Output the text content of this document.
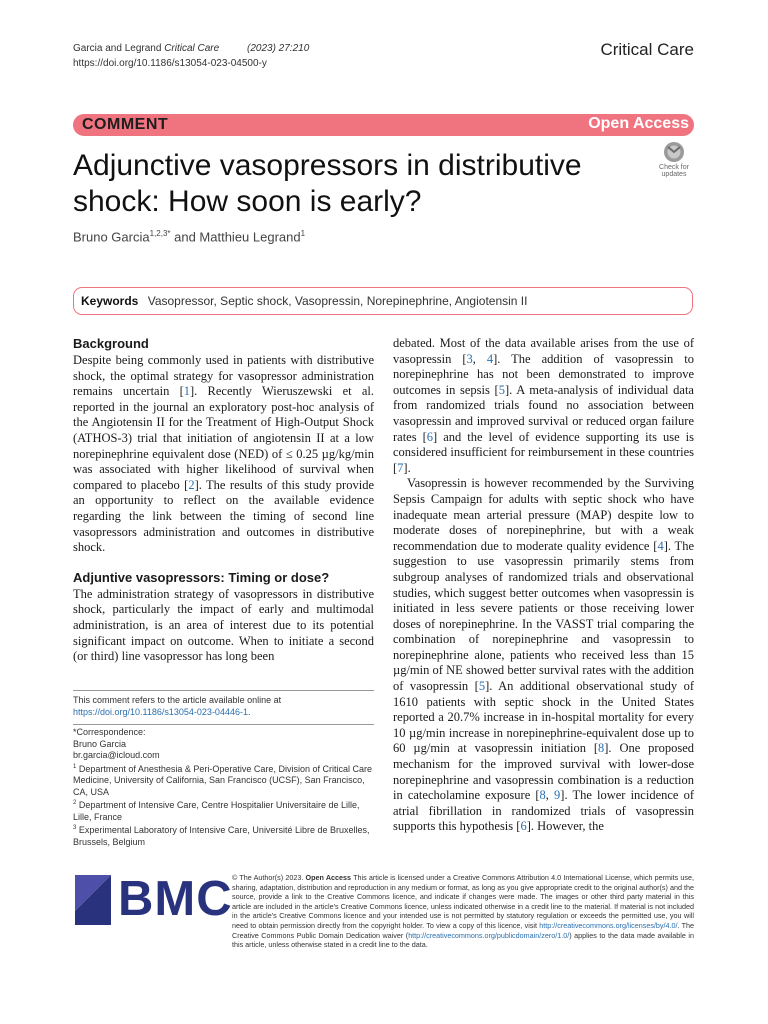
Garcia and Legrand Critical Care	(2023) 27:210
https://doi.org/10.1186/s13054-023-04500-y
Critical Care
COMMENT	Open Access
Adjunctive vasopressors in distributive shock: How soon is early?
Check for
updates
Bruno Garcia$^{1,2,3*}$ and Matthieu Legrand$^1$
Keywords Vasopressor, Septic shock, Vasopressin, Norepinephrine, Angiotensin II
Background

Despite being commonly used in patients with distributive shock, the optimal strategy for vasopressor administration remains uncertain [1]. Recently Wieruszewski et al. reported in the journal an exploratory post-hoc analysis of the Angiotensin II for the Treatment of High-Output Shock (ATHOS-3) trial that initiation of angiotensin II at a low norepinephrine equivalent dose (NED) of ≤ 0.25 µg/kg/min was associated with higher likelihood of survival when compared to placebo [2]. The results of this study provide an opportunity to reflect on the available evidence regarding the link between the timing of second line vasopressors administration and outcomes in distributive shock.

Adjuntive vasopressors: Timing or dose?

The administration strategy of vasopressors in distributive shock, particularly the impact of early and multimodal administration, is an area of interest due to its potential significant impact on outcome. When to initiate a second (or third) line vasopressor has long been

debated. Most of the data available arises from the use of vasopressin [3, 4]. The addition of vasopressin to norepinephrine has not been demonstrated to improve outcomes in sepsis [5]. A meta-analysis of individual data from randomized trials found no association between vasopressin and improved survival or reduced organ failure rates [6] and the level of evidence supporting its use is considered insufficient for reimbursement in these countries [7].

Vasopressin is however recommended by the Surviving Sepsis Campaign for adults with septic shock who have inadequate mean arterial pressure (MAP) despite low to moderate doses of norepinephrine, but with a weak recommendation due to moderate quality evidence [4]. The suggestion to use vasopressin primarily stems from subgroup analyses of randomized trials and observational studies, which suggest better outcomes when vasopressin is initiated in less severe patients or those receiving lower doses of norepinephrine. In the VASST trial comparing the combination of norepinephrine and vasopressin to norepinephrine alone, patients who received less than 15 µg/min of NE showed better survival rates with the addition of vasopressin [5]. An additional observational study of 1610 patients with septic shock in the United States reported a 20.7% increase in in-hospital mortality for every 10 µg/min increase in norepinephrine-equivalent dose up to 60 µg/min at vasopressin initiation [8]. One proposed mechanism for the improved survival with lower-dose norepinephrine and vasopressin combination is a reduction in catecholamine exposure [8, 9]. The lower incidence of atrial fibrillation in randomized trials of vasopressin supports this hypothesis [6]. However, the

This comment refers to the article available online at https://doi.org/10.1186/s13054-023-04446-1.
*Correspondence:
Bruno Garcia
br.garcia@icloud.com
$^1$ Department of Anesthesia & Peri-Operative Care, Division of Critical Care Medicine, University of California, San Francisco (UCSF), San Francisco, CA, USA
$^2$ Department of Intensive Care, Centre Hospitalier Universitaire de Lille, Lille, France
$^3$ Experimental Laboratory of Intensive Care, Université Libre de Bruxelles, Brussels, Belgium
BMC © The Author(s) 2023. Open Access This article is licensed under a Creative Commons Attribution 4.0 International License, which permits use, sharing, adaptation, distribution and reproduction in any medium or format, as long as you give appropriate credit to the original author(s) and the source, provide a link to the Creative Commons licence, and indicate if changes were made. The images or other third party material in this article are included in the article's Creative Commons licence, unless indicated otherwise in a credit line to the material. If material is not included in the article's Creative Commons licence and your intended use is not permitted by statutory regulation or exceeds the permitted use, you will need to obtain permission directly from the copyright holder. To view a copy of this licence, visit http://creativecommons.org/licenses/by/4.0/. The Creative Commons Public Domain Dedication waiver (http://creativecommons.org/publicdomain/zero/1.0/) applies to the data made available in this article, unless otherwise stated in a credit line to the data.
